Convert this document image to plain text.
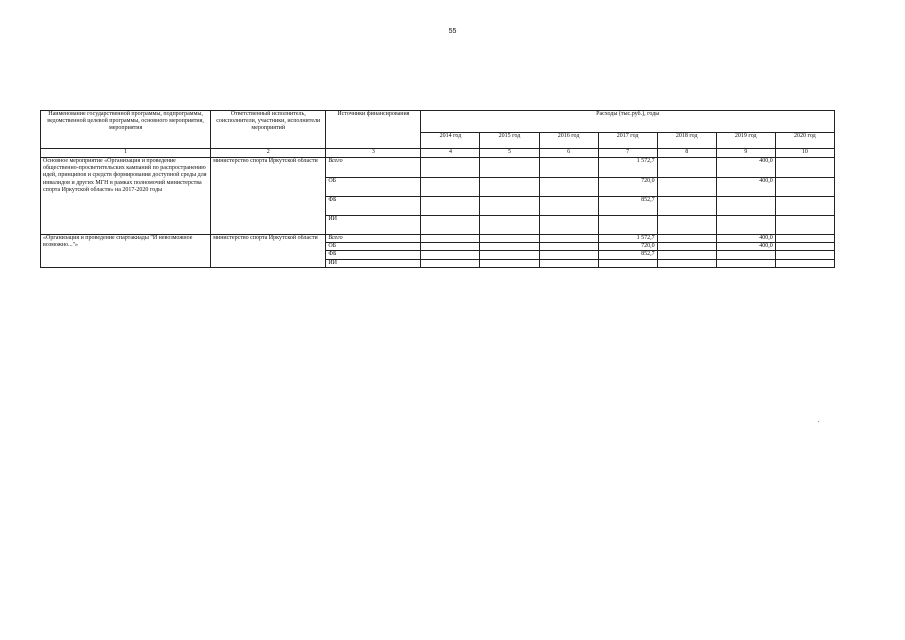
55
Наименование государственной программы, подпрограммы, ведомственной целевой программы, основного мероприятия, мероприятия	Ответственный исполнитель, соисполнители, участники, исполнители мероприятий	Источники финансирования	Расходы (тыс.руб.), годы						
			2014 год	2015 год	2016 год	2017 год	2018 год	2019 год	2020 год
1	2	3	4	5	6	7	8	9	10
Основное мероприятие «Организация и проведение общественно-просветительских кампаний по распространению идей, принципов и средств формирования доступной среды для инвалидов и других МГН в рамках полномочий министерства спорта Иркутской области» на 2017-2020 годы	министерство спорта Иркутской области	Всего				1 572,7		400,0	
		ОБ				720,0		400,0	
		ФБ				852,7			
		ИИ							
«Организация и проведение спартакиады "И невозможное возможно..."»	министерство спорта Иркутской области	Всего				1 572,7		400,0	
		ОБ				720,0		400,0	
		ФБ				852,7			
		ИИ							
